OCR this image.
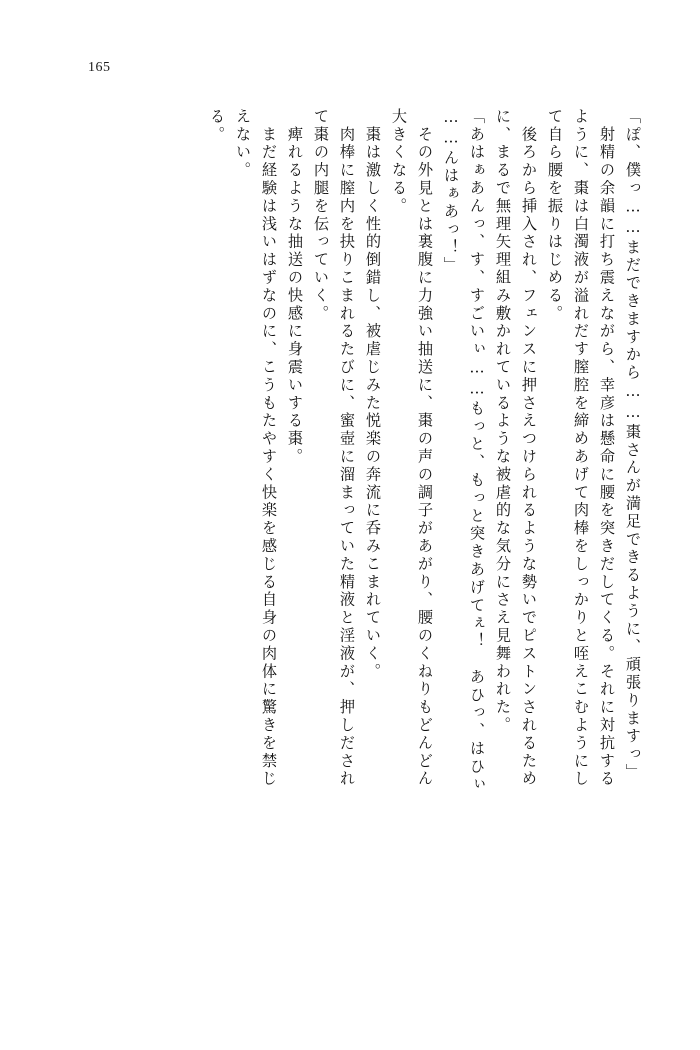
165
「ぽ、僕っ……まだできますから……棗さんが満足できるように、頑張りますっ」
　射精の余韻に打ち震えながら、幸彦は懸命に腰を突きだしてくる。それに対抗する
ように、棗は白濁液が溢れだす膣腔を締めあげて肉棒をしっかりと咥えこむようにし
て自ら腰を振りはじめる。
　後ろから挿入され、フェンスに押さえつけられるような勢いでピストンされるため
に、まるで無理矢理組み敷かれているような被虐的な気分にさえ見舞われた。
「あはぁあんっ、す、すごいぃ……もっと、もっと突きあげてぇ！　あひっ、はひぃ
……んはぁあっ！」
　その外見とは裏腹に力強い抽送に、棗の声の調子があがり、腰のくねりもどんどん
大きくなる。
　棗は激しく性的倒錯し、被虐じみた悦楽の奔流に呑みこまれていく。
　肉棒に膣内を抉りこまれるたびに、蜜壺に溜まっていた精液と淫液が、押しだされ
て棗の内腿を伝っていく。
　痺れるような抽送の快感に身震いする棗。
　まだ経験は浅いはずなのに、こうもたやすく快楽を感じる自身の肉体に驚きを禁じ
えない。
る。
